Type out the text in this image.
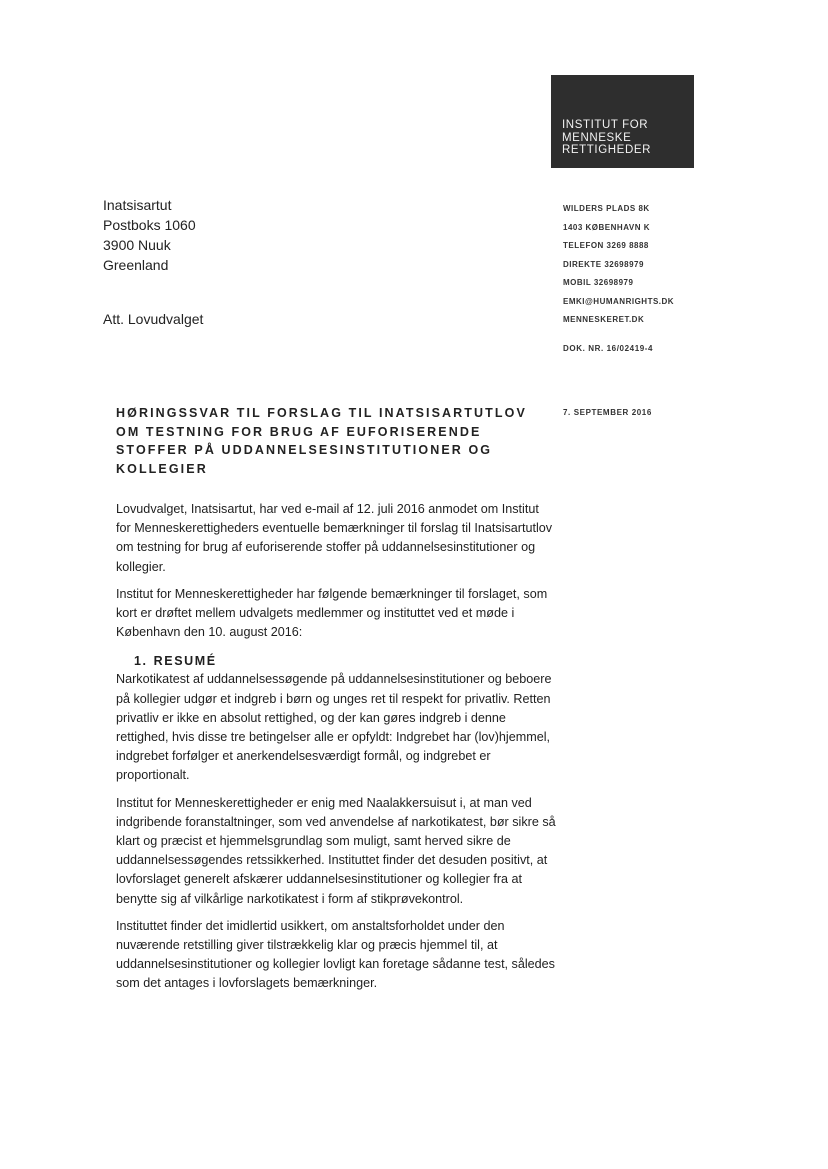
INSTITUT FOR
MENNESKE
RETTIGHEDER
Inatsisartut
Postboks 1060
3900 Nuuk
Greenland
Att. Lovudvalget
WILDERS PLADS 8K
1403 KØBENHAVN K
TELEFON 3269 8888
DIREKTE 32698979
MOBIL 32698979
EMKI@HUMANRIGHTS.DK
MENNESKERET.DK
DOK. NR. 16/02419-4
7. SEPTEMBER 2016
HØRINGSSVAR TIL FORSLAG TIL INATSISARTUTLOV
OM TESTNING FOR BRUG AF EUFORISERENDE
STOFFER PÅ UDDANNELSESINSTITUTIONER OG
KOLLEGIER

Lovudvalget, Inatsisartut, har ved e-mail af 12. juli 2016 anmodet om Institut for Menneskerettigheders eventuelle bemærkninger til forslag til Inatsisartutlov om testning for brug af euforiserende stoffer på uddannelsesinstitutioner og kollegier.

Institut for Menneskerettigheder har følgende bemærkninger til forslaget, som kort er drøftet mellem udvalgets medlemmer og instituttet ved et møde i København den 10. august 2016:

1. RESUMÉ

Narkotikatest af uddannelsessøgende på uddannelsesinstitutioner og beboere på kollegier udgør et indgreb i børn og unges ret til respekt for privatliv. Retten privatliv er ikke en absolut rettighed, og der kan gøres indgreb i denne rettighed, hvis disse tre betingelser alle er opfyldt: Indgrebet har (lov)hjemmel, indgrebet forfølger et anerkendelsesværdigt formål, og indgrebet er proportionalt.

Institut for Menneskerettigheder er enig med Naalakkersuisut i, at man ved indgribende foranstaltninger, som ved anvendelse af narkotikatest, bør sikre så klart og præcist et hjemmelsgrundlag som muligt, samt herved sikre de uddannelsessøgendes retssikkerhed. Instituttet finder det desuden positivt, at lovforslaget generelt afskærer uddannelsesinstitutioner og kollegier fra at benytte sig af vilkårlige narkotikatest i form af stikprøvekontrol.

Instituttet finder det imidlertid usikkert, om anstaltsforholdet under den nuværende retstilling giver tilstrækkelig klar og præcis hjemmel til, at uddannelsesinstitutioner og kollegier lovligt kan foretage sådanne test, således som det antages i lovforslagets bemærkninger.
